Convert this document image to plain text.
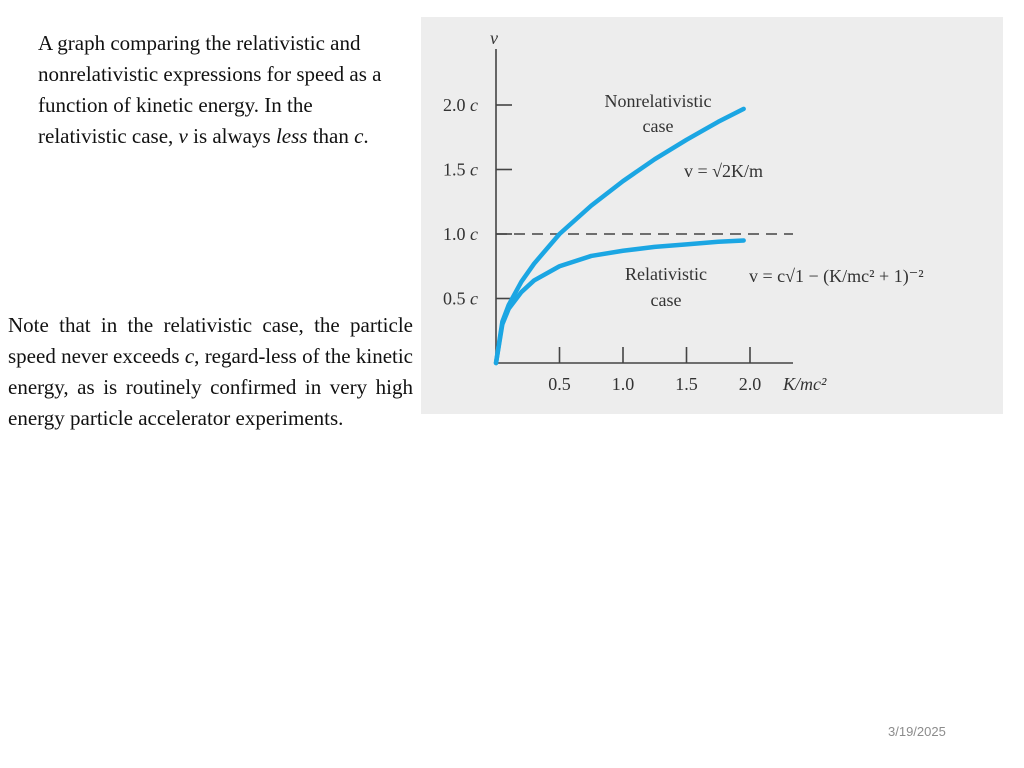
A graph comparing the relativistic and nonrelativistic expressions for speed as a function of kinetic energy. In the relativistic case, v is always less than c.
Note that in the relativistic case, the particle speed never exceeds c, regard-less of the kinetic energy, as is routinely confirmed in very high energy particle accelerator experiments.
0.5 c
1.0 c
1.5 c
2.0 c
0.5 1.0 1.5 2.0
v
K/mc²
Nonrelativistic
case
v = √2K/m
Relativistic
case
v = c√1 − (K/mc² + 1)⁻²
3/19/2025
